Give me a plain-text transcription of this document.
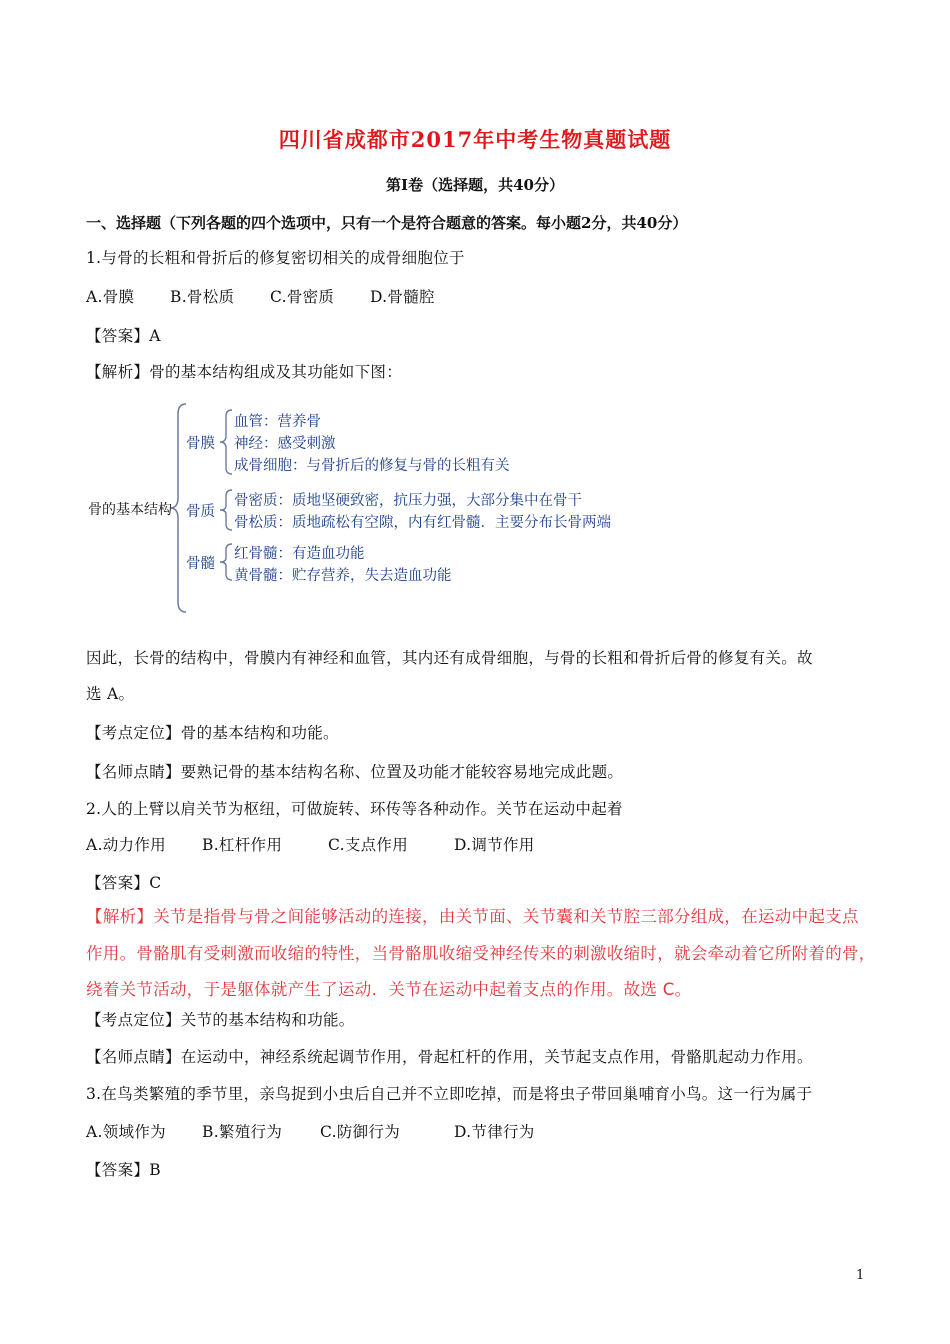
四川省成都市2017年中考生物真题试题
第Ⅰ卷（选择题，共40分）
一、选择题（下列各题的四个选项中，只有一个是符合题意的答案。每小题2分，共40分）
1.与骨的长粗和骨折后的修复密切相关的成骨细胞位于
A.骨膜 B.骨松质 C.骨密质 D.骨髓腔
【答案】A
【解析】骨的基本结构组成及其功能如下图：
骨的基本结构
骨膜
血管：营养骨
神经：感受刺激
成骨细胞：与骨折后的修复与骨的长粗有关
骨质
骨密质：质地坚硬致密，抗压力强，大部分集中在骨干
骨松质：质地疏松有空隙，内有红骨髓．主要分布长骨两端
骨髓
红骨髓：有造血功能
黄骨髓：贮存营养，失去造血功能
因此，长骨的结构中，骨膜内有神经和血管，其内还有成骨细胞，与骨的长粗和骨折后骨的修复有关。故
选 A。
【考点定位】骨的基本结构和功能。
【名师点睛】要熟记骨的基本结构名称、位置及功能才能较容易地完成此题。
2.人的上臂以肩关节为枢纽，可做旋转、环传等各种动作。关节在运动中起着
A.动力作用 B.杠杆作用	C.支点作用	D.调节作用
【答案】C
【解析】关节是指骨与骨之间能够活动的连接，由关节面、关节囊和关节腔三部分组成，在运动中起支点
作用。骨骼肌有受刺激而收缩的特性，当骨骼肌收缩受神经传来的刺激收缩时，就会牵动着它所附着的骨，
绕着关节活动，于是躯体就产生了运动．关节在运动中起着支点的作用。故选 C。
【考点定位】关节的基本结构和功能。
【名师点睛】在运动中，神经系统起调节作用，骨起杠杆的作用，关节起支点作用，骨骼肌起动力作用。
3.在鸟类繁殖的季节里，亲鸟捉到小虫后自己并不立即吃掉，而是将虫子带回巢哺育小鸟。这一行为属于
A.领域作为 B.繁殖行为 C.防御行为	D.节律行为
【答案】B
1
